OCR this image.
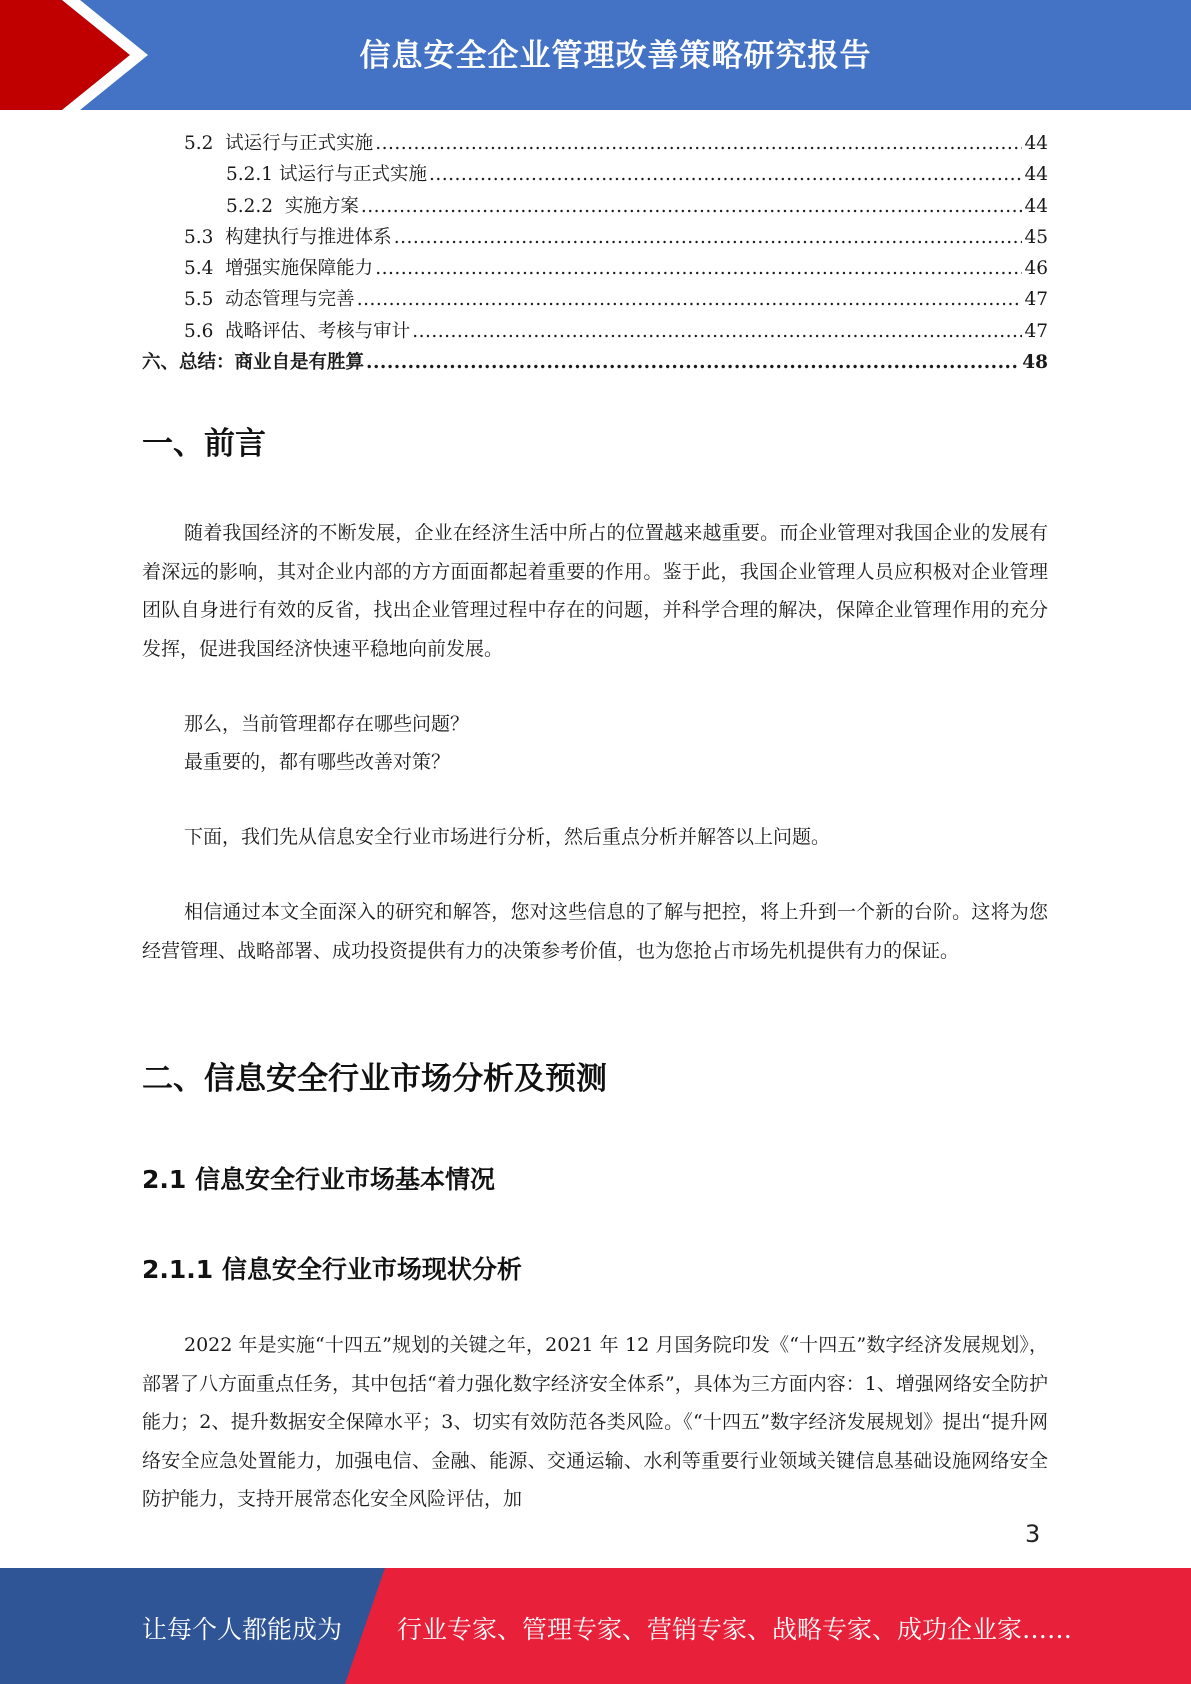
信息安全企业管理改善策略研究报告
5.2  试运行与正式实施 .....	44
5.2.1 试运行与正式实施 .....	44
5.2.2  实施方案 .....	44
5.3  构建执行与推进体系 .....	45
5.4  增强实施保障能力 .....	46
5.5  动态管理与完善 .....	47
5.6  战略评估、考核与审计 .....	47
六、总结：商业自是有胜算 .....	48
一、前言

随着我国经济的不断发展，企业在经济生活中所占的位置越来越重要。而企业管理对我国企业的发展有着深远的影响，其对企业内部的方方面面都起着重要的作用。鉴于此，我国企业管理人员应积极对企业管理团队自身进行有效的反省，找出企业管理过程中存在的问题，并科学合理的解决，保障企业管理作用的充分发挥，促进我国经济快速平稳地向前发展。

那么，当前管理都存在哪些问题？

最重要的，都有哪些改善对策？

下面，我们先从信息安全行业市场进行分析，然后重点分析并解答以上问题。

相信通过本文全面深入的研究和解答，您对这些信息的了解与把控，将上升到一个新的台阶。这将为您经营管理、战略部署、成功投资提供有力的决策参考价值，也为您抢占市场先机提供有力的保证。

二、信息安全行业市场分析及预测
2.1 信息安全行业市场基本情况
2.1.1 信息安全行业市场现状分析

2022 年是实施“十四五”规划的关键之年，2021 年 12 月国务院印发《“十四五”数字经济发展规划》，部署了八方面重点任务，其中包括“着力强化数字经济安全体系”，具体为三方面内容：1、增强网络安全防护能力；2、提升数据安全保障水平；3、切实有效防范各类风险。《“十四五”数字经济发展规划》提出“提升网络安全应急处置能力，加强电信、金融、能源、交通运输、水利等重要行业领域关键信息基础设施网络安全防护能力，支持开展常态化安全风险评估，加

3
让每个人都能成为 行业专家、管理专家、营销专家、战略专家、成功企业家……
